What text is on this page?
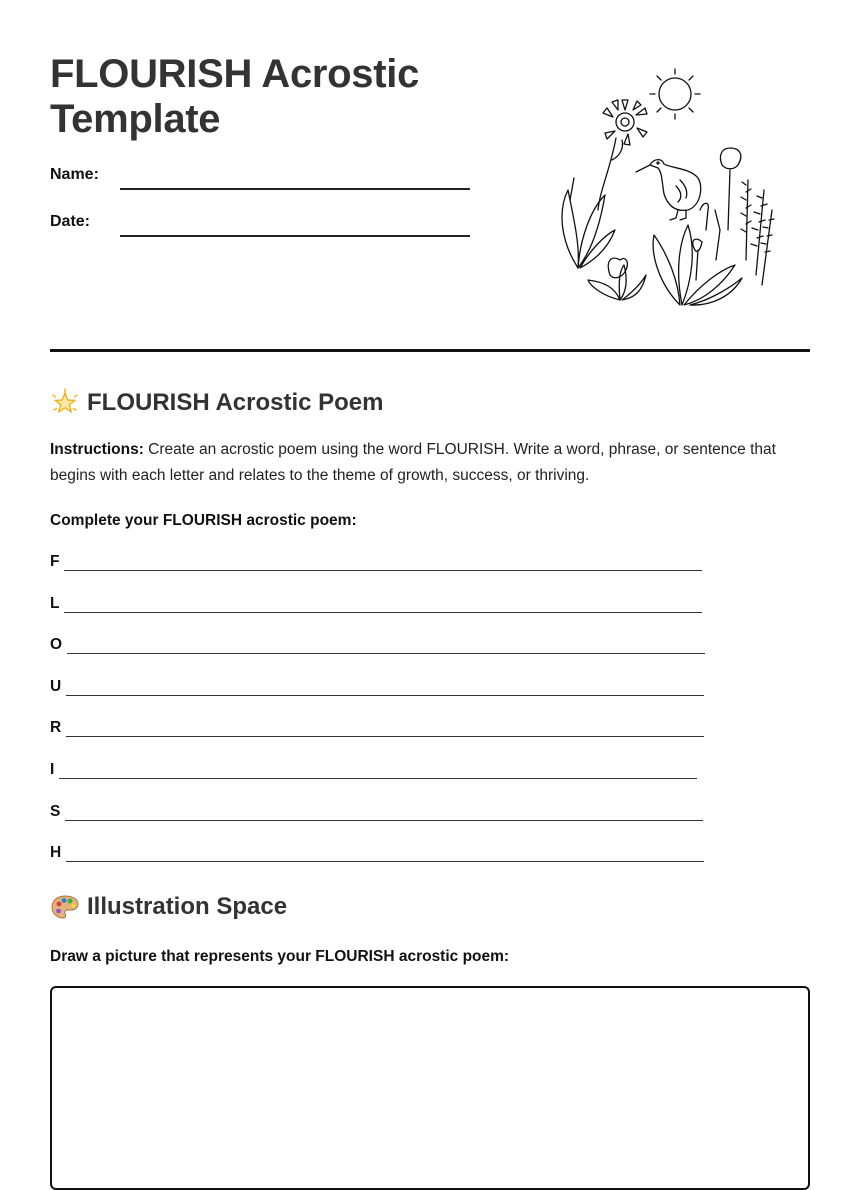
FLOURISH Acrostic Template
Name:
Date:
FLOURISH Acrostic Poem

Instructions: Create an acrostic poem using the word FLOURISH. Write a word, phrase, or sentence that begins with each letter and relates to the theme of growth, success, or thriving.

Complete your FLOURISH acrostic poem:
F
L
O
U
R
I
S
H
Illustration Space
Draw a picture that represents your FLOURISH acrostic poem:
